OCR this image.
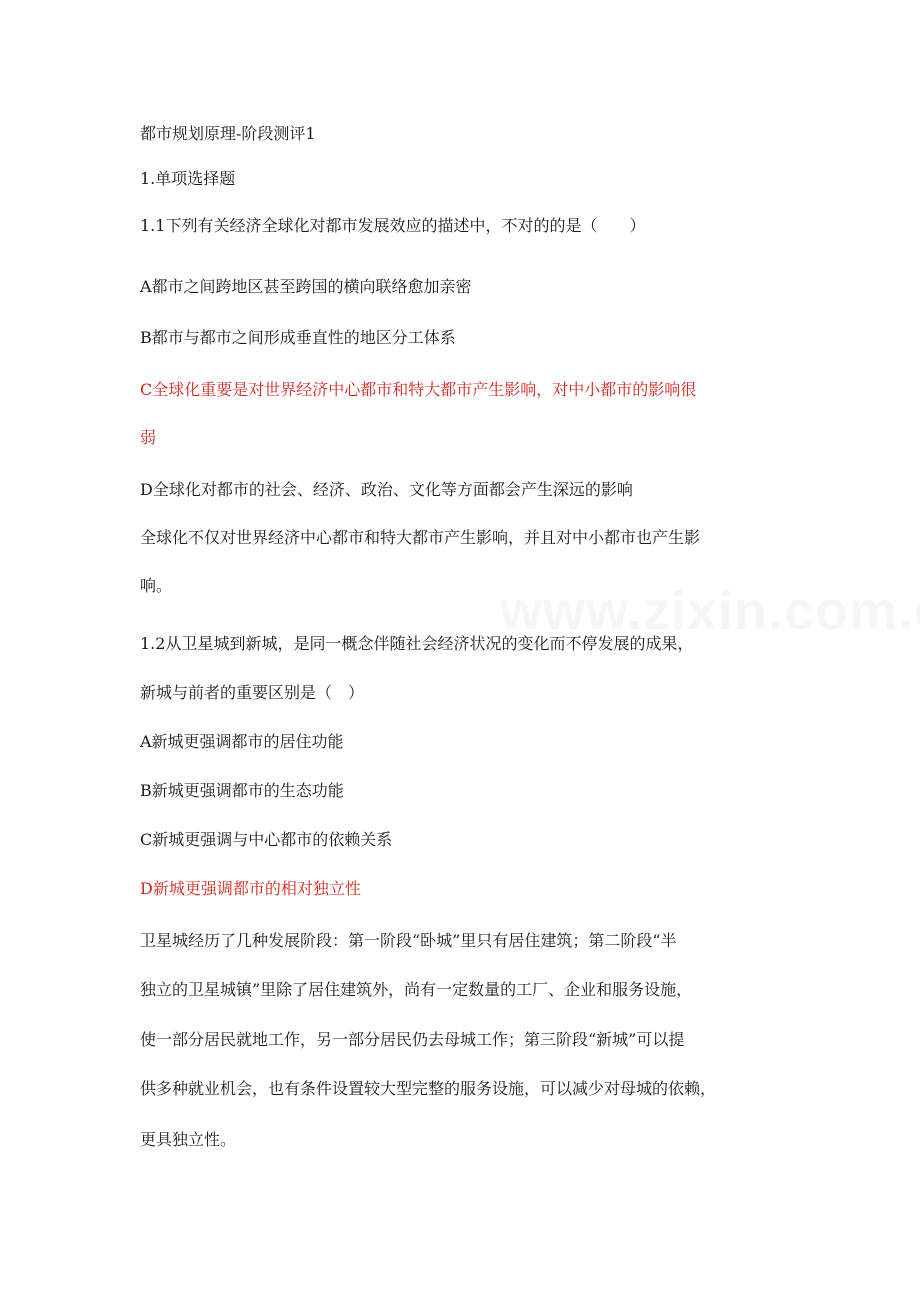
都市规划原理-阶段测评1

1.单项选择题

1.1下列有关经济全球化对都市发展效应的描述中，不对的的是（　　）

A都市之间跨地区甚至跨国的横向联络愈加亲密

B都市与都市之间形成垂直性的地区分工体系

C全球化重要是对世界经济中心都市和特大都市产生影响，对中小都市的影响很

弱

D全球化对都市的社会、经济、政治、文化等方面都会产生深远的影响

全球化不仅对世界经济中心都市和特大都市产生影响，并且对中小都市也产生影

响。

1.2从卫星城到新城，是同一概念伴随社会经济状况的变化而不停发展的成果，

新城与前者的重要区别是（　）

A新城更强调都市的居住功能

B新城更强调都市的生态功能

C新城更强调与中心都市的依赖关系

D新城更强调都市的相对独立性

卫星城经历了几种发展阶段：第一阶段“卧城”里只有居住建筑；第二阶段“半

独立的卫星城镇”里除了居住建筑外，尚有一定数量的工厂、企业和服务设施，

使一部分居民就地工作，另一部分居民仍去母城工作；第三阶段“新城”可以提

供多种就业机会，也有条件设置较大型完整的服务设施，可以减少对母城的依赖，

更具独立性。
